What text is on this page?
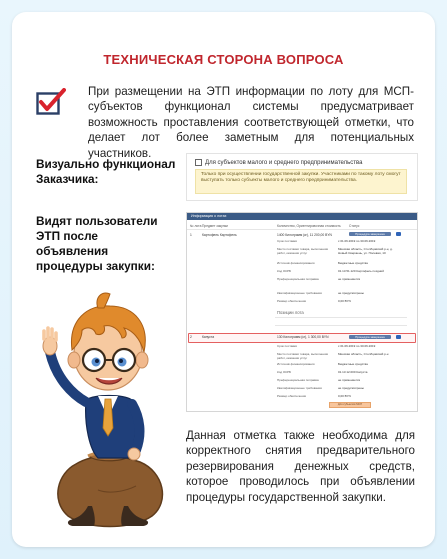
ТЕХНИЧЕСКАЯ СТОРОНА ВОПРОСА
При размещении на ЭТП информации по лоту для МСП-субъектов функционал системы предусматривает возможность проставления соответствующей отметки, что делает лот более заметным для потенциальных участников.
Визуально функционал Заказчика:
Видят пользователи ЭТП после объявления процедуры закупки:
Для субъектов малого и среднего предпринимательства
Только при осуществлении государственной закупки. Участниками по такому лоту смогут выступать только субъекты малого и среднего предпринимательства.
Информация о лотах
№ лота Предмет закупки	Количество, Ориентировочная стоимость Статус
1	Картофель Картофель	1400 Килограмм (кг), 11 200,00 BYN	Процедура завершена
Срок поставки	с 01.06.2019 по 30.06.2019
Место поставки товара, выполнения работ, оказания услуг
Минская область, Столбцовский р-н, д. Новый Свержень, ул. Полевая, 10
Источник финансирования	Бюджетные средства
Код ОКРБ	01.13.51.120 Картофель поздний
Преференциальная поправка	не применяется
Квалификационные требования	не предусмотрены
Размер обеспечения	0,00 BYN
Позиции лота
2	Капуста	130 Килограмм (кг), 1 300,00 BYN	Процедура завершена
Срок поставки	с 01.06.2019 по 30.06.2019
Место поставки товара, выполнения работ, оказания услуг
Минская область, Столбцовский р-н
Источник финансирования	Бюджетные средства
Код ОКРБ	01.13.12.000 Капуста
Преференциальная поправка	не применяется
Квалификационные требования	не предусмотрены
Размер обеспечения	0,00 BYN
Для субъектов МСП
Данная отметка также необходима для корректного снятия предварительного резервирования денежных средств, которое проводилось при объявлении процедуры государственной закупки.
